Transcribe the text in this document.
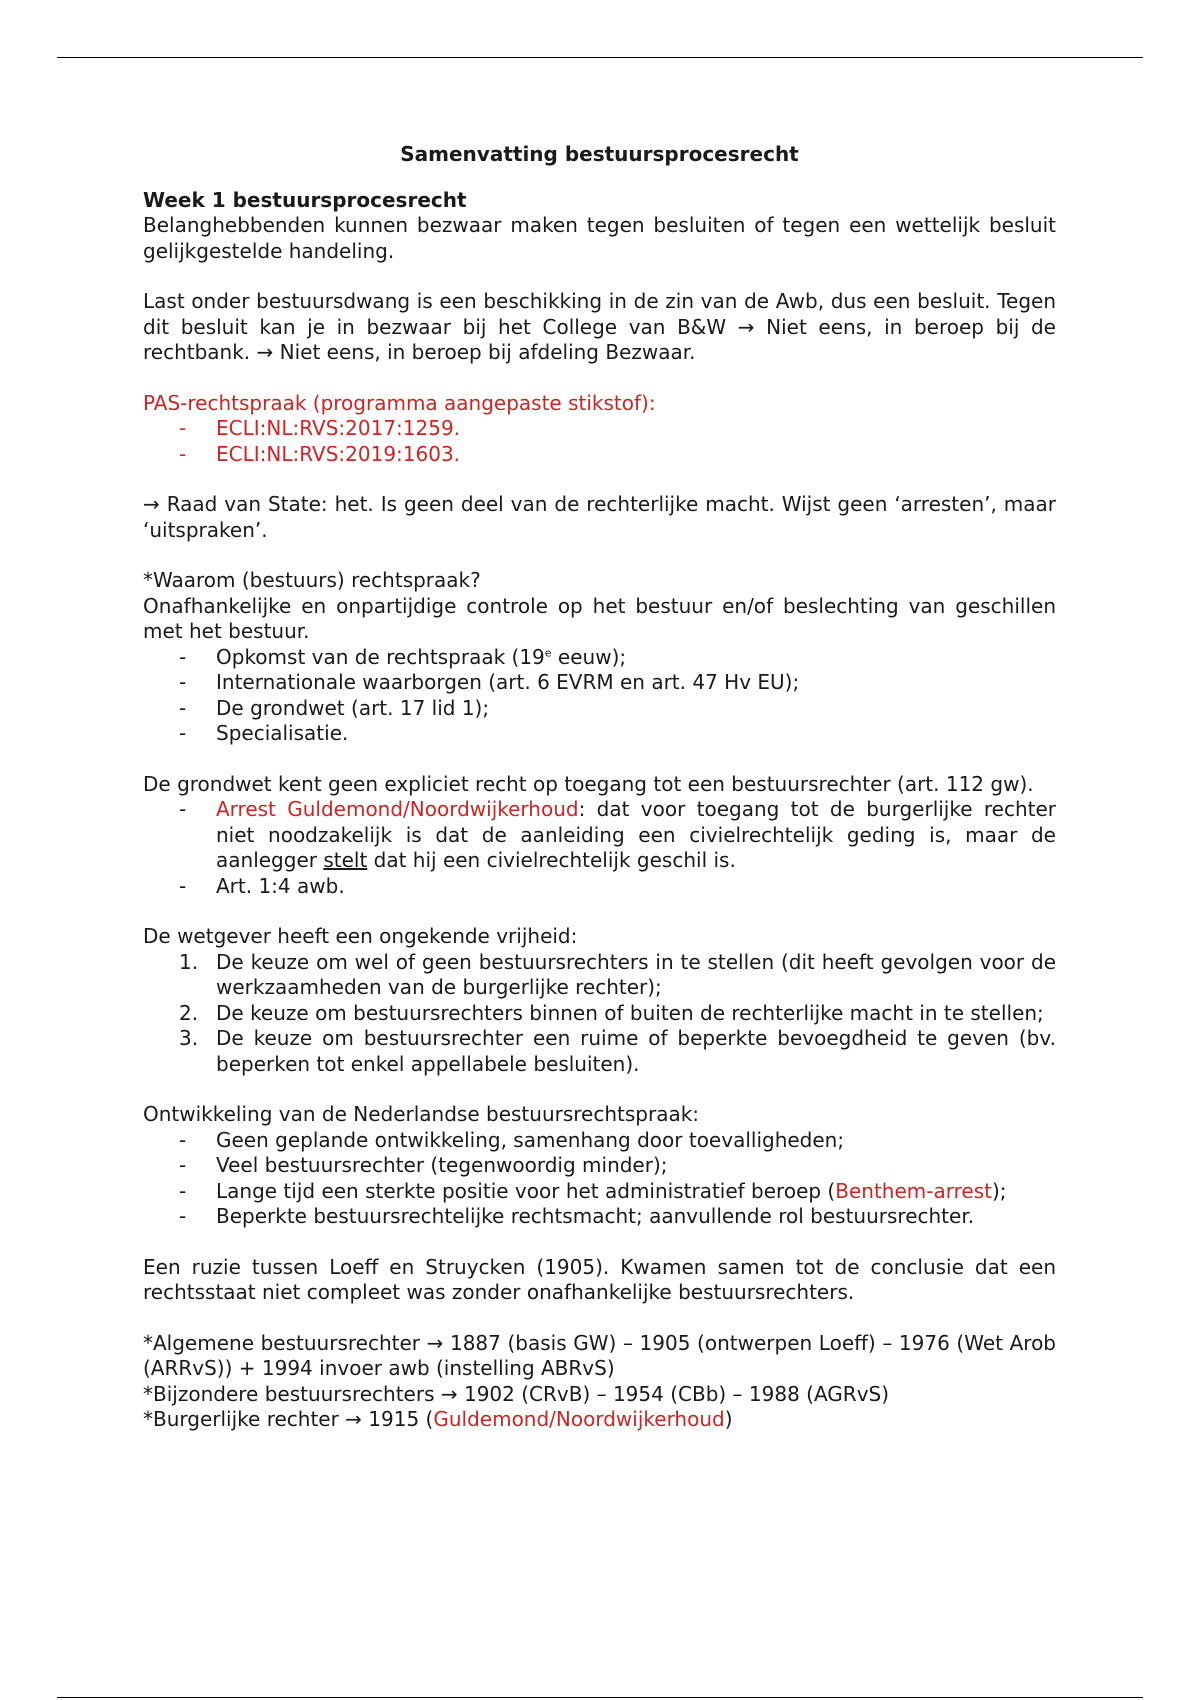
Samenvatting bestuursprocesrecht

Week 1 bestuursprocesrecht

Belanghebbenden kunnen bezwaar maken tegen besluiten of tegen een wettelijk besluit gelijkgestelde handeling.

Last onder bestuursdwang is een beschikking in de zin van de Awb, dus een besluit. Tegen dit besluit kan je in bezwaar bij het College van B&W → Niet eens, in beroep bij de rechtbank. → Niet eens, in beroep bij afdeling Bezwaar.

PAS-rechtspraak (programma aangepaste stikstof):

- ECLI:NL:RVS:2017:1259.
- ECLI:NL:RVS:2019:1603.

→ Raad van State: het. Is geen deel van de rechterlijke macht. Wijst geen ‘arresten’, maar ‘uitspraken’.

*Waarom (bestuurs) rechtspraak?

Onafhankelijke en onpartijdige controle op het bestuur en/of beslechting van geschillen met het bestuur.

- Opkomst van de rechtspraak (19e eeuw);
- Internationale waarborgen (art. 6 EVRM en art. 47 Hv EU);
- De grondwet (art. 17 lid 1);
- Specialisatie.

De grondwet kent geen expliciet recht op toegang tot een bestuursrechter (art. 112 gw).

- Arrest Guldemond/Noordwijkerhoud: dat voor toegang tot de burgerlijke rechter niet noodzakelijk is dat de aanleiding een civielrechtelijk geding is, maar de aanlegger stelt dat hij een civielrechtelijk geschil is.
- Art. 1:4 awb.

De wetgever heeft een ongekende vrijheid:

1. De keuze om wel of geen bestuursrechters in te stellen (dit heeft gevolgen voor de werkzaamheden van de burgerlijke rechter);
2. De keuze om bestuursrechters binnen of buiten de rechterlijke macht in te stellen;
3. De keuze om bestuursrechter een ruime of beperkte bevoegdheid te geven (bv. beperken tot enkel appellabele besluiten).

Ontwikkeling van de Nederlandse bestuursrechtspraak:

- Geen geplande ontwikkeling, samenhang door toevalligheden;
- Veel bestuursrechter (tegenwoordig minder);
- Lange tijd een sterkte positie voor het administratief beroep (Benthem-arrest);
- Beperkte bestuursrechtelijke rechtsmacht; aanvullende rol bestuursrechter.

Een ruzie tussen Loeff en Struycken (1905). Kwamen samen tot de conclusie dat een rechtsstaat niet compleet was zonder onafhankelijke bestuursrechters.

*Algemene bestuursrechter → 1887 (basis GW) – 1905 (ontwerpen Loeff) – 1976 (Wet Arob (ARRvS)) + 1994 invoer awb (instelling ABRvS)

*Bijzondere bestuursrechters → 1902 (CRvB) – 1954 (CBb) – 1988 (AGRvS)

*Burgerlijke rechter → 1915 (Guldemond/Noordwijkerhoud)
